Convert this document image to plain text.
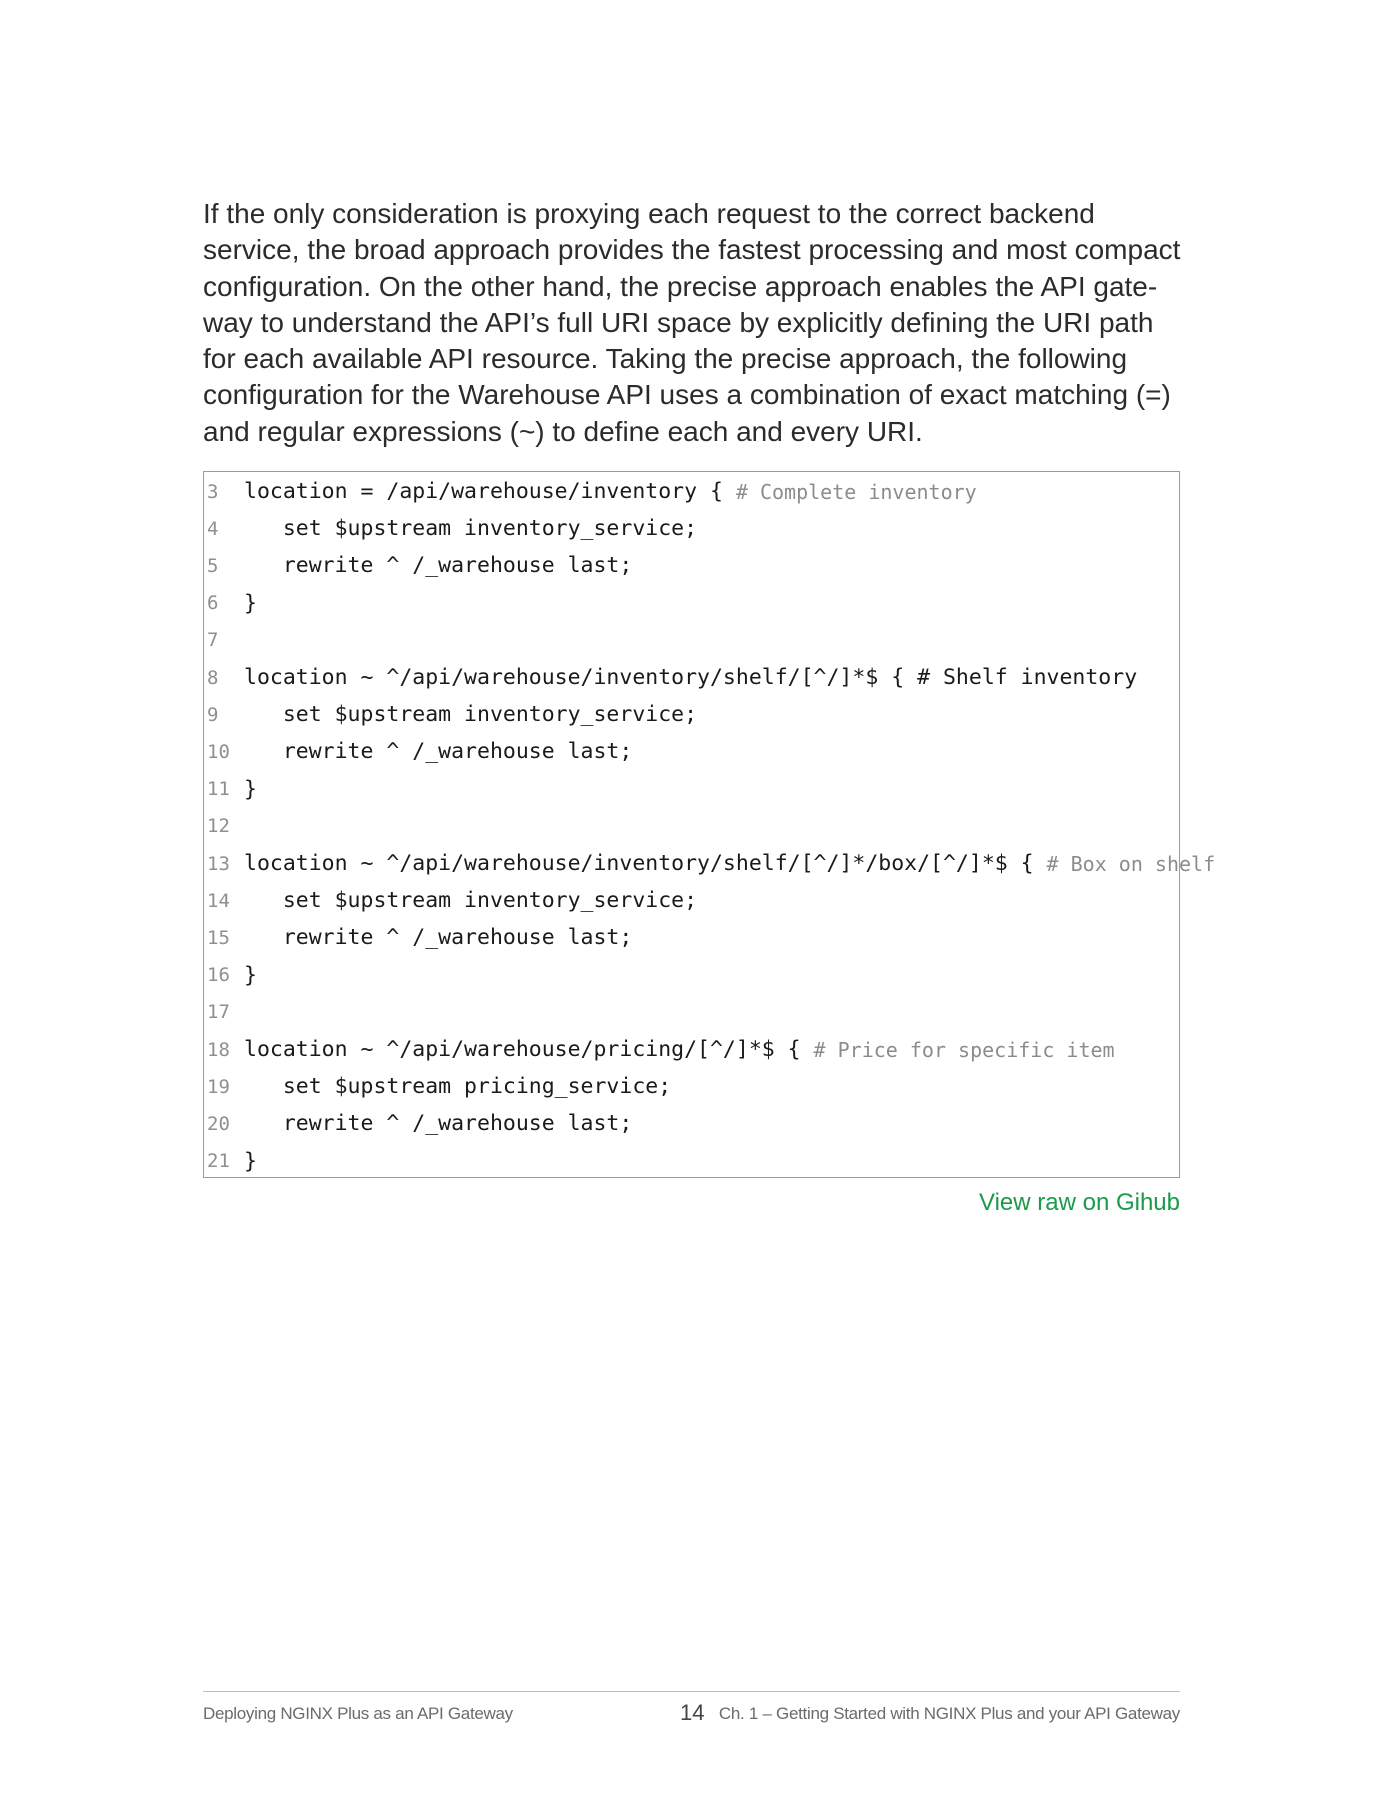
If the only consideration is proxying each request to the correct backend
service, the broad approach provides the fastest processing and most compact
configuration. On the other hand, the precise approach enables the API gate-
way to understand the API’s full URI space by explicitly defining the URI path
for each available API resource. Taking the precise approach, the following
configuration for the Warehouse API uses a combination of exact matching (=)
and regular expressions (~) to define each and every URI.
3	location = /api/warehouse/inventory { # Complete inventory
4	set $upstream inventory_service;
5	rewrite ^ /_warehouse last;
6	}
7
8	location ~ ^/api/warehouse/inventory/shelf/[^/]*$ { # Shelf inventory
9	set $upstream inventory_service;
10 rewrite ^ /_warehouse last;
11 }
12
13 location ~ ^/api/warehouse/inventory/shelf/[^/]*/box/[^/]*$ { # Box on shelf
14 set $upstream inventory_service;
15 rewrite ^ /_warehouse last;
16 }
17
18 location ~ ^/api/warehouse/pricing/[^/]*$ { # Price for specific item
19 set $upstream pricing_service;
20 rewrite ^ /_warehouse last;
21 }
View raw on Gihub
Deploying NGINX Plus as an API Gateway	14 Ch. 1 – Getting Started with NGINX Plus and your API Gateway
